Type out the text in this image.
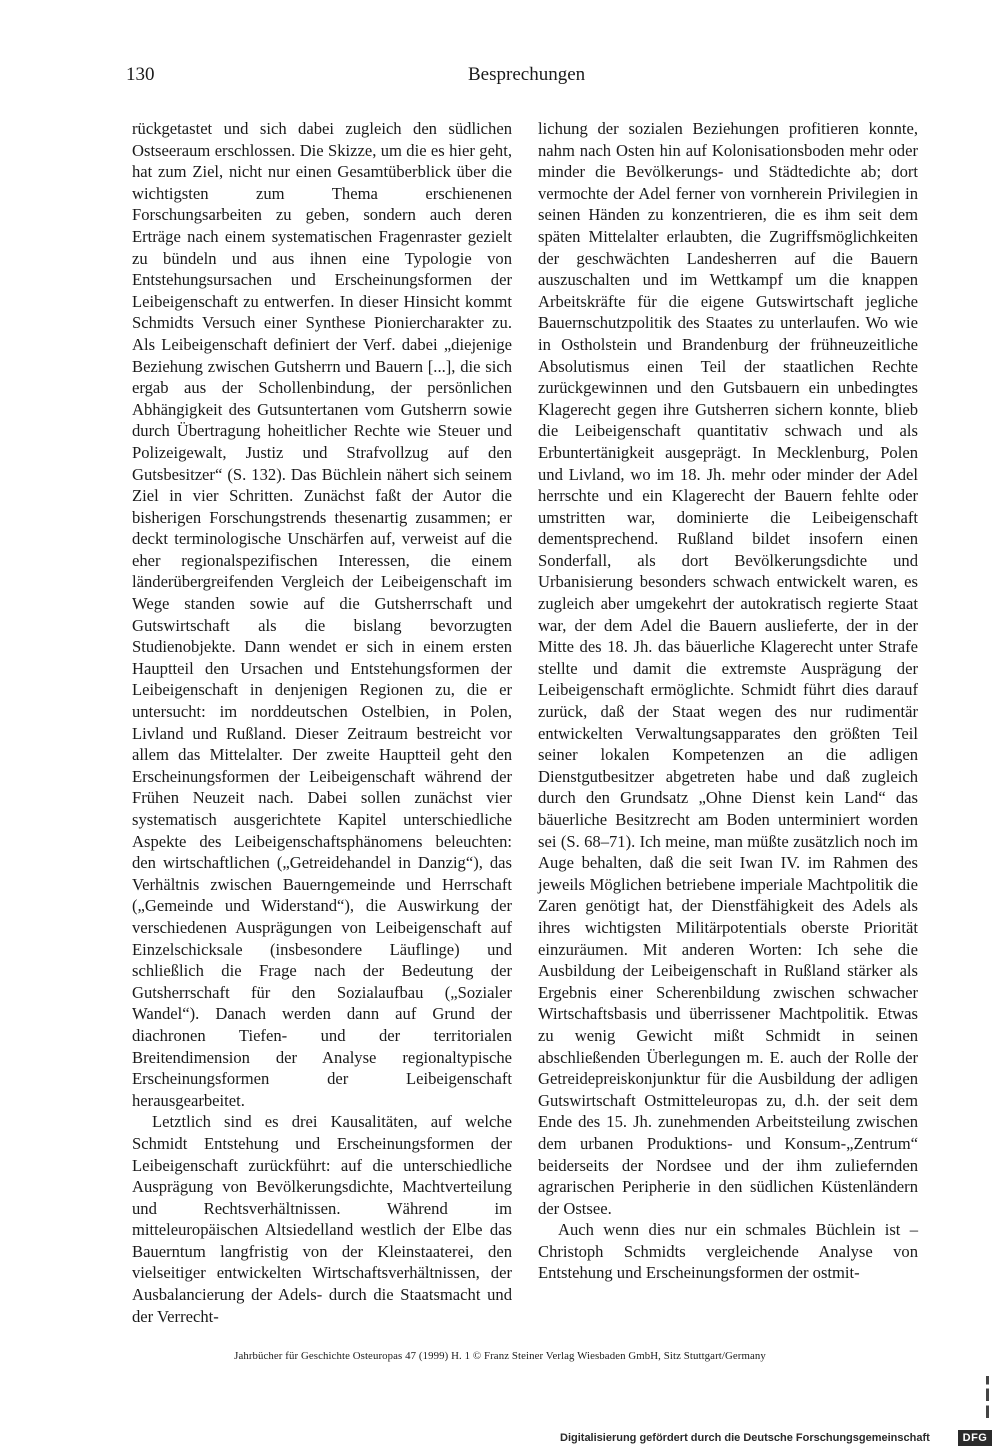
130	Besprechungen

rückgetastet und sich dabei zugleich den südlichen Ostseeraum erschlossen. Die Skizze, um die es hier geht, hat zum Ziel, nicht nur einen Gesamtüberblick über die wichtigsten zum Thema erschienenen Forschungsarbeiten zu geben, sondern auch deren Erträge nach einem systematischen Fragenraster gezielt zu bündeln und aus ihnen eine Typologie von Entstehungsursachen und Erscheinungsformen der Leibeigenschaft zu entwerfen. In dieser Hinsicht kommt Schmidts Versuch einer Synthese Pioniercharakter zu. Als Leibeigenschaft definiert der Verf. dabei „diejenige Beziehung zwischen Gutsherrn und Bauern [...], die sich ergab aus der Schollenbindung, der persönlichen Abhängigkeit des Gutsuntertanen vom Gutsherrn sowie durch Übertragung hoheitlicher Rechte wie Steuer und Polizeigewalt, Justiz und Strafvollzug auf den Gutsbesitzer“ (S. 132). Das Büchlein nähert sich seinem Ziel in vier Schritten. Zunächst faßt der Autor die bisherigen Forschungstrends thesenartig zusammen; er deckt terminologische Unschärfen auf, verweist auf die eher regionalspezifischen Interessen, die einem länderübergreifenden Vergleich der Leibeigenschaft im Wege standen sowie auf die Gutsherrschaft und Gutswirtschaft als die bislang bevorzugten Studienobjekte. Dann wendet er sich in einem ersten Hauptteil den Ursachen und Entstehungsformen der Leibeigenschaft in denjenigen Regionen zu, die er untersucht: im norddeutschen Ostelbien, in Polen, Livland und Rußland. Dieser Zeitraum bestreicht vor allem das Mittelalter. Der zweite Hauptteil geht den Erscheinungsformen der Leibeigenschaft während der Frühen Neuzeit nach. Dabei sollen zunächst vier systematisch ausgerichtete Kapitel unterschiedliche Aspekte des Leibeigenschaftsphänomens beleuchten: den wirtschaftlichen („Getreidehandel in Danzig“), das Verhältnis zwischen Bauerngemeinde und Herrschaft („Gemeinde und Widerstand“), die Auswirkung der verschiedenen Ausprägungen von Leibeigenschaft auf Einzelschicksale (insbesondere Läuflinge) und schließlich die Frage nach der Bedeutung der Gutsherrschaft für den Sozialaufbau („Sozialer Wandel“). Danach werden dann auf Grund der diachronen Tiefen- und der territorialen Breitendimension der Analyse regionaltypische Erscheinungsformen der Leibeigenschaft herausgearbeitet.

Letztlich sind es drei Kausalitäten, auf welche Schmidt Entstehung und Erscheinungsformen der Leibeigenschaft zurückführt: auf die unterschiedliche Ausprägung von Bevölkerungsdichte, Machtverteilung und Rechtsverhältnissen. Während im mitteleuropäischen Altsiedelland westlich der Elbe das Bauerntum langfristig von der Kleinstaaterei, den vielseitiger entwickelten Wirtschaftsverhältnissen, der Ausbalancierung der Adels- durch die Staatsmacht und der Verrecht-

lichung der sozialen Beziehungen profitieren konnte, nahm nach Osten hin auf Kolonisationsboden mehr oder minder die Bevölkerungs- und Städtedichte ab; dort vermochte der Adel ferner von vornherein Privilegien in seinen Händen zu konzentrieren, die es ihm seit dem späten Mittelalter erlaubten, die Zugriffsmöglichkeiten der geschwächten Landesherren auf die Bauern auszuschalten und im Wettkampf um die knappen Arbeitskräfte für die eigene Gutswirtschaft jegliche Bauernschutzpolitik des Staates zu unterlaufen. Wo wie in Ostholstein und Brandenburg der frühneuzeitliche Absolutismus einen Teil der staatlichen Rechte zurückgewinnen und den Gutsbauern ein unbedingtes Klagerecht gegen ihre Gutsherren sichern konnte, blieb die Leibeigenschaft quantitativ schwach und als Erbuntertänigkeit ausgeprägt. In Mecklenburg, Polen und Livland, wo im 18. Jh. mehr oder minder der Adel herrschte und ein Klagerecht der Bauern fehlte oder umstritten war, dominierte die Leibeigenschaft dementsprechend. Rußland bildet insofern einen Sonderfall, als dort Bevölkerungsdichte und Urbanisierung besonders schwach entwickelt waren, es zugleich aber umgekehrt der autokratisch regierte Staat war, der dem Adel die Bauern auslieferte, der in der Mitte des 18. Jh. das bäuerliche Klagerecht unter Strafe stellte und damit die extremste Ausprägung der Leibeigenschaft ermöglichte. Schmidt führt dies darauf zurück, daß der Staat wegen des nur rudimentär entwickelten Verwaltungsapparates den größten Teil seiner lokalen Kompetenzen an die adligen Dienstgutbesitzer abgetreten habe und daß zugleich durch den Grundsatz „Ohne Dienst kein Land“ das bäuerliche Besitzrecht am Boden unterminiert worden sei (S. 68–71). Ich meine, man müßte zusätzlich noch im Auge behalten, daß die seit Iwan IV. im Rahmen des jeweils Möglichen betriebene imperiale Machtpolitik die Zaren genötigt hat, der Dienstfähigkeit des Adels als ihres wichtigsten Militärpotentials oberste Priorität einzuräumen. Mit anderen Worten: Ich sehe die Ausbildung der Leibeigenschaft in Rußland stärker als Ergebnis einer Scherenbildung zwischen schwacher Wirtschaftsbasis und überrissener Machtpolitik. Etwas zu wenig Gewicht mißt Schmidt in seinen abschließenden Überlegungen m. E. auch der Rolle der Getreidepreiskonjunktur für die Ausbildung der adligen Gutswirtschaft Ostmitteleuropas zu, d.h. der seit dem Ende des 15. Jh. zunehmenden Arbeitsteilung zwischen dem urbanen Produktions- und Konsum-„Zentrum“ beiderseits der Nordsee und der ihm zuliefernden agrarischen Peripherie in den südlichen Küstenländern der Ostsee.

Auch wenn dies nur ein schmales Büchlein ist – Christoph Schmidts vergleichende Analyse von Entstehung und Erscheinungsformen der ostmit-

Jahrbücher für Geschichte Osteuropas 47 (1999) H. 1 © Franz Steiner Verlag Wiesbaden GmbH, Sitz Stuttgart/Germany
Digitalisierung gefördert durch die Deutsche Forschungsgemeinschaft	DFG
